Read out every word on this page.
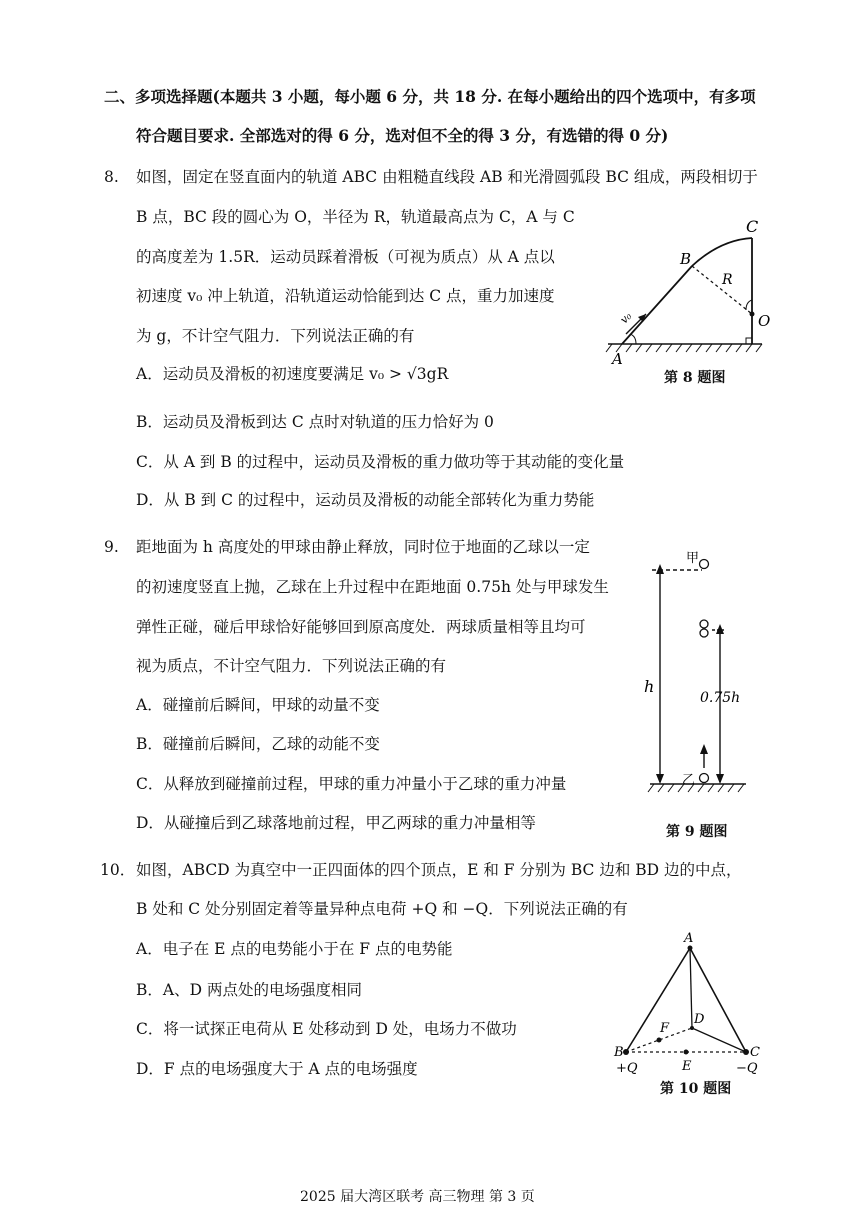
二、多项选择题(本题共 3 小题，每小题 6 分，共 18 分. 在每小题给出的四个选项中，有多项
符合题目要求. 全部选对的得 6 分，选对但不全的得 3 分，有选错的得 0 分)
8. 如图，固定在竖直面内的轨道 ABC 由粗糙直线段 AB 和光滑圆弧段 BC 组成，两段相切于
B 点，BC 段的圆心为 O，半径为 R，轨道最高点为 C，A 与 C
的高度差为 1.5R．运动员踩着滑板（可视为质点）从 A 点以
初速度 v₀ 冲上轨道，沿轨道运动恰能到达 C 点，重力加速度
为 g，不计空气阻力．下列说法正确的有
A．运动员及滑板的初速度要满足 v₀ > √3gR
B．运动员及滑板到达 C 点时对轨道的压力恰好为 0
C．从 A 到 B 的过程中，运动员及滑板的重力做功等于其动能的变化量
D．从 B 到 C 的过程中，运动员及滑板的动能全部转化为重力势能
A
B
C
O
R
v₀
第 8 题图
9. 距地面为 h 高度处的甲球由静止释放，同时位于地面的乙球以一定
的初速度竖直上抛，乙球在上升过程中在距地面 0.75h 处与甲球发生
弹性正碰，碰后甲球恰好能够回到原高度处．两球质量相等且均可
视为质点，不计空气阻力．下列说法正确的有
A．碰撞前后瞬间，甲球的动量不变
B．碰撞前后瞬间，乙球的动能不变
C．从释放到碰撞前过程，甲球的重力冲量小于乙球的重力冲量
D．从碰撞后到乙球落地前过程，甲乙两球的重力冲量相等
甲
乙
h
0.75h
第 9 题图
10． 如图，ABCD 为真空中一正四面体的四个顶点，E 和 F 分别为 BC 边和 BD 边的中点，
B 处和 C 处分别固定着等量异种点电荷 +Q 和 −Q．下列说法正确的有
A．电子在 E 点的电势能小于在 F 点的电势能
B．A、D 两点处的电场强度相同
C．将一试探正电荷从 E 处移动到 D 处，电场力不做功
D．F 点的电场强度大于 A 点的电场强度
A
B	C
D
E
F
+Q	−Q
第 10 题图
2025 届大湾区联考 高三物理 第 3 页
